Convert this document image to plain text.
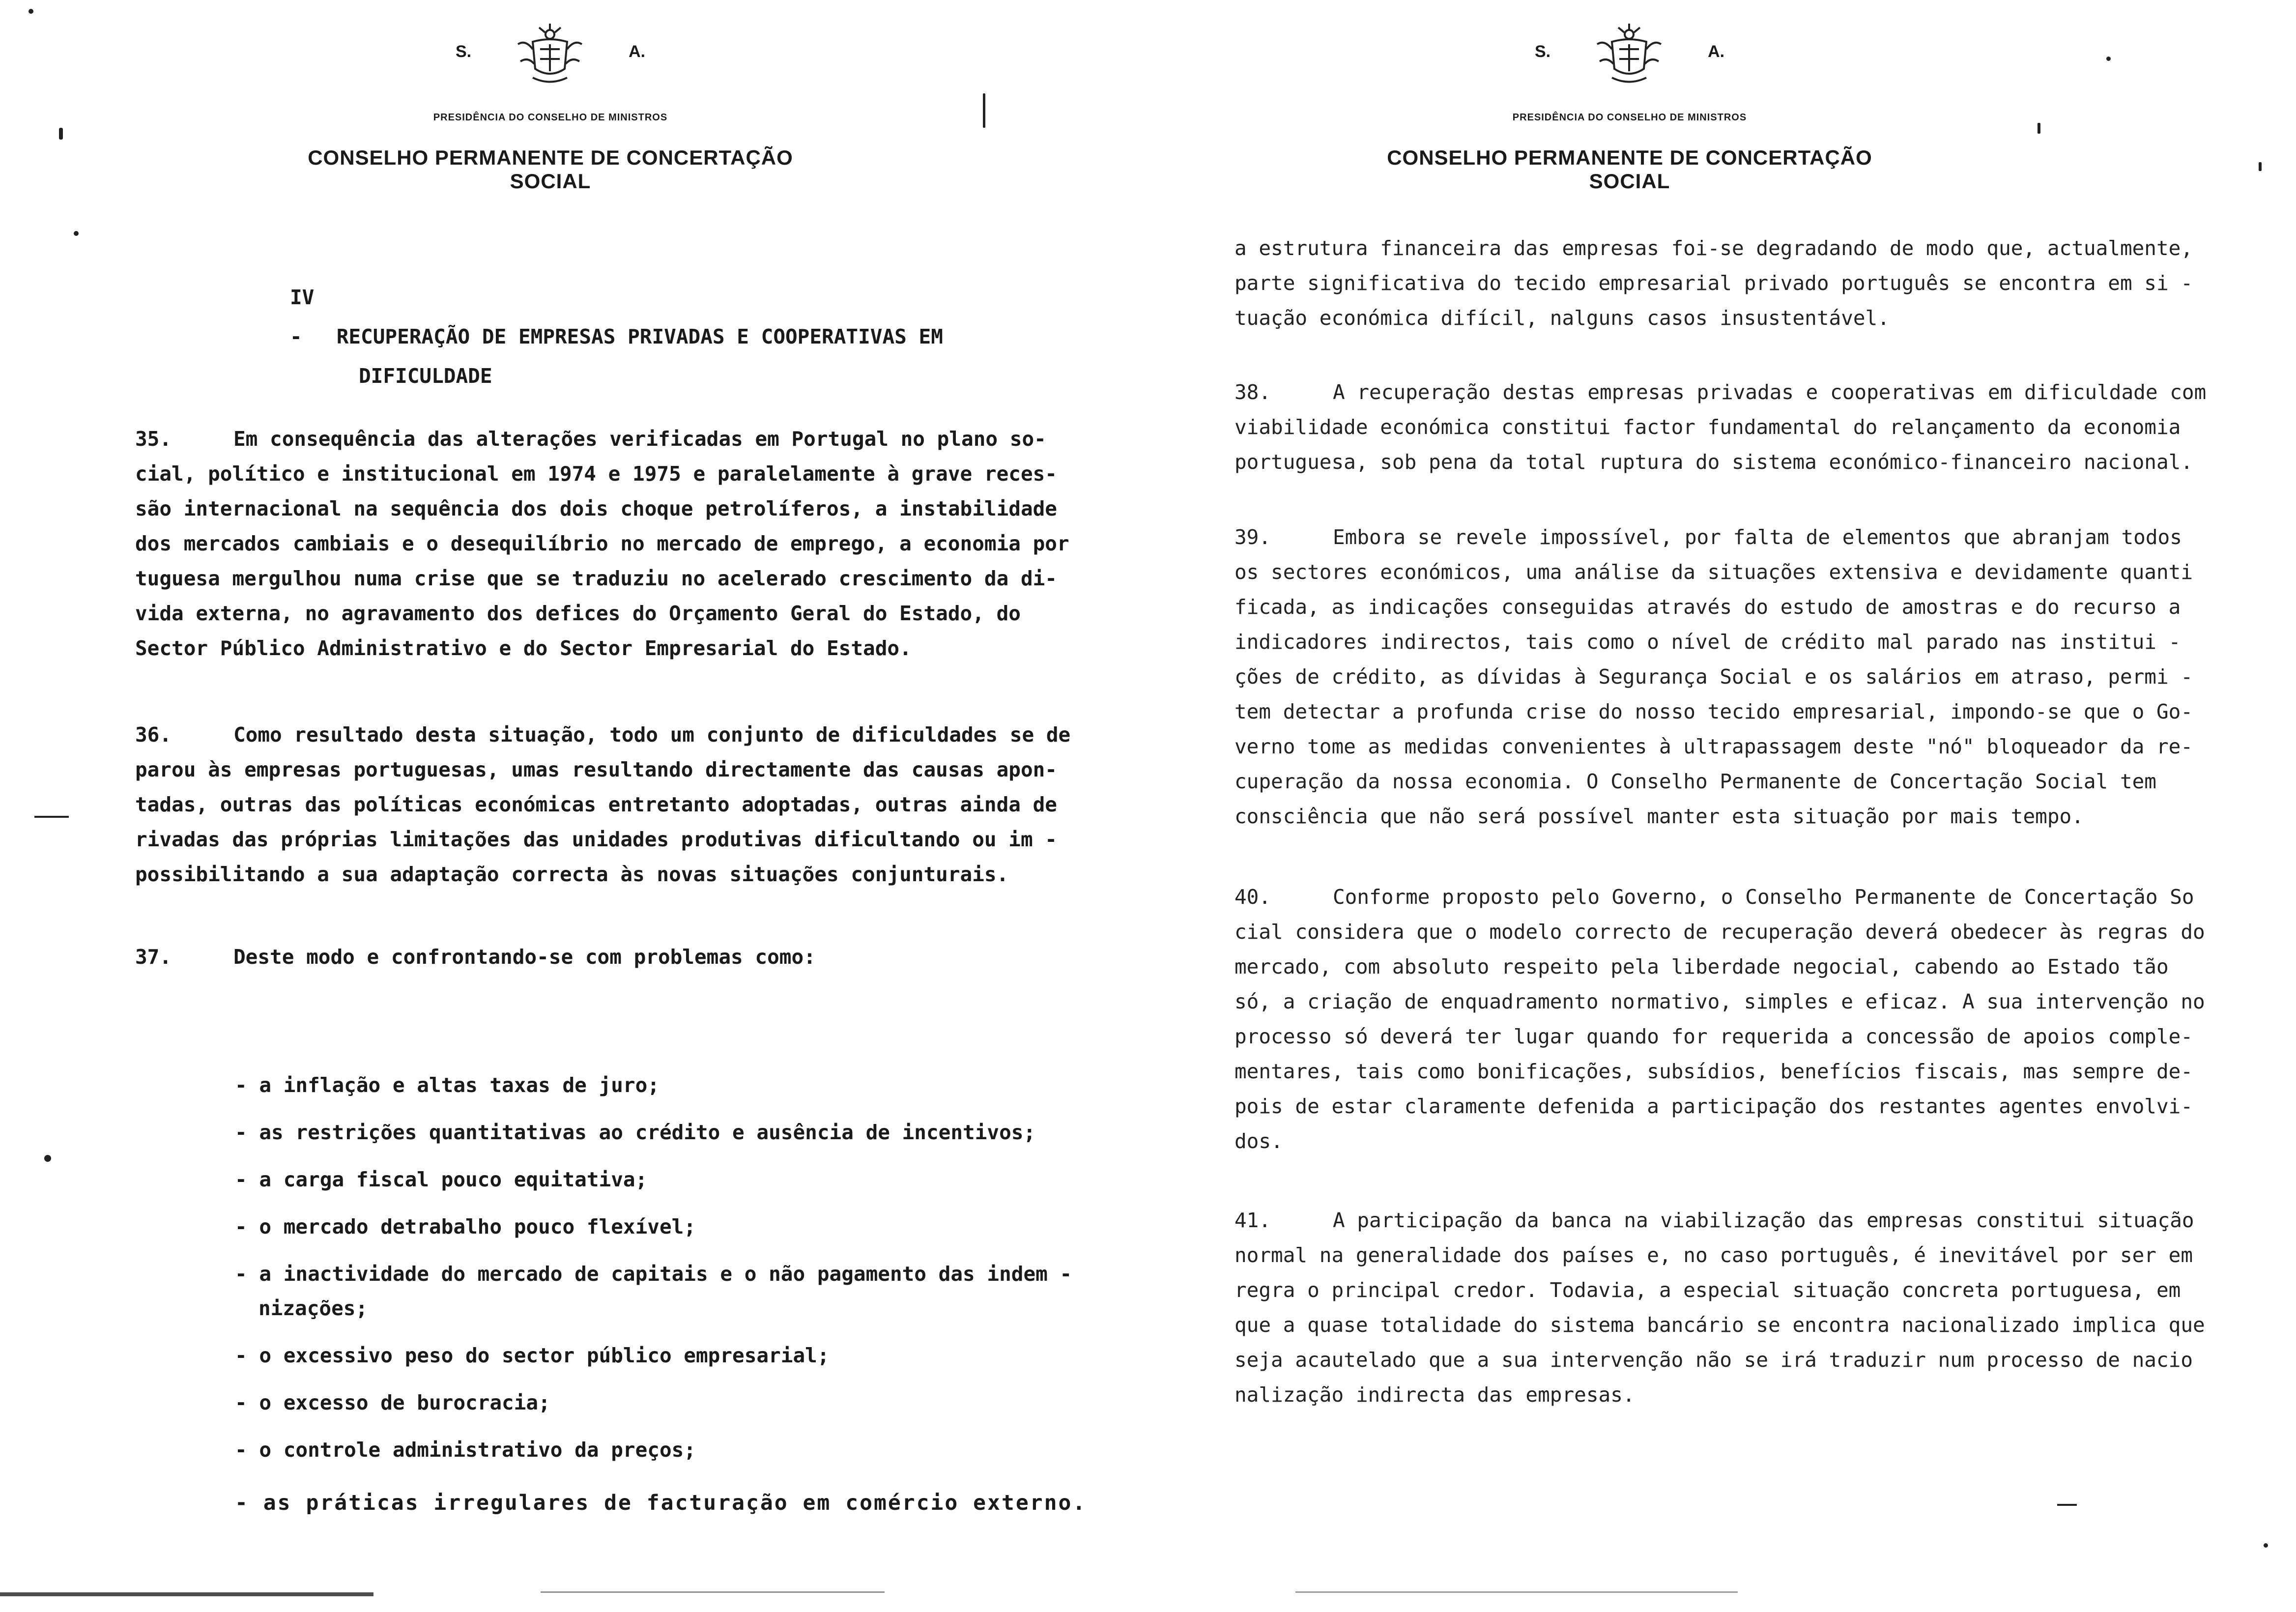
S.	A.
PRESIDÊNCIA DO CONSELHO DE MINISTROS
CONSELHO PERMANENTE DE CONCERTAÇÃO SOCIAL
IV - RECUPERAÇÃO DE EMPRESAS PRIVADAS E COOPERATIVAS EM
DIFICULDADE
35.	Em consequência das alterações verificadas em Portugal no plano so-
cial, político e institucional em 1974 e 1975 e paralelamente à grave reces-
são internacional na sequência dos dois choque petrolíferos, a instabilidade
dos mercados cambiais e o desequilíbrio no mercado de emprego, a economia por
tuguesa mergulhou numa crise que se traduziu no acelerado crescimento da di-
vida externa, no agravamento dos defices do Orçamento Geral do Estado, do
Sector Público Administrativo e do Sector Empresarial do Estado.
36.	Como resultado desta situação, todo um conjunto de dificuldades se de
parou às empresas portuguesas, umas resultando directamente das causas apon-
tadas, outras das políticas económicas entretanto adoptadas, outras ainda de
rivadas das próprias limitações das unidades produtivas dificultando ou im -
possibilitando a sua adaptação correcta às novas situações conjunturais.
37.	Deste modo e confrontando-se com problemas como:
- a inflação e altas taxas de juro;
- as restrições quantitativas ao crédito e ausência de incentivos;
- a carga fiscal pouco equitativa;
- o mercado detrabalho pouco flexível;
- a inactividade do mercado de capitais e o não pagamento das indem -
nizações;
- o excessivo peso do sector público empresarial;
- o excesso de burocracia;
- o controle administrativo da preços;
- as práticas irregulares de facturação em comércio externo.
S.	A.
PRESIDÊNCIA DO CONSELHO DE MINISTROS
CONSELHO PERMANENTE DE CONCERTAÇÃO SOCIAL
a estrutura financeira das empresas foi-se degradando de modo que, actualmente,
parte significativa do tecido empresarial privado português se encontra em si -
tuação económica difícil, nalguns casos insustentável.
38.	A recuperação destas empresas privadas e cooperativas em dificuldade com
viabilidade económica constitui factor fundamental do relançamento da economia
portuguesa, sob pena da total ruptura do sistema económico-financeiro nacional.
39.	Embora se revele impossível, por falta de elementos que abranjam todos
os sectores económicos, uma análise da situações extensiva e devidamente quanti
ficada, as indicações conseguidas através do estudo de amostras e do recurso a
indicadores indirectos, tais como o nível de crédito mal parado nas institui -
ções de crédito, as dívidas à Segurança Social e os salários em atraso, permi -
tem detectar a profunda crise do nosso tecido empresarial, impondo-se que o Go-
verno tome as medidas convenientes à ultrapassagem deste "nó" bloqueador da re-
cuperação da nossa economia. O Conselho Permanente de Concertação Social tem
consciência que não será possível manter esta situação por mais tempo.
40.	Conforme proposto pelo Governo, o Conselho Permanente de Concertação So
cial considera que o modelo correcto de recuperação deverá obedecer às regras do
mercado, com absoluto respeito pela liberdade negocial, cabendo ao Estado tão
só, a criação de enquadramento normativo, simples e eficaz. A sua intervenção no
processo só deverá ter lugar quando for requerida a concessão de apoios comple-
mentares, tais como bonificações, subsídios, benefícios fiscais, mas sempre de-
pois de estar claramente defenida a participação dos restantes agentes envolvi-
dos.
41.	A participação da banca na viabilização das empresas constitui situação
normal na generalidade dos países e, no caso português, é inevitável por ser em
regra o principal credor. Todavia, a especial situação concreta portuguesa, em
que a quase totalidade do sistema bancário se encontra nacionalizado implica que
seja acautelado que a sua intervenção não se irá traduzir num processo de nacio
nalização indirecta das empresas.
